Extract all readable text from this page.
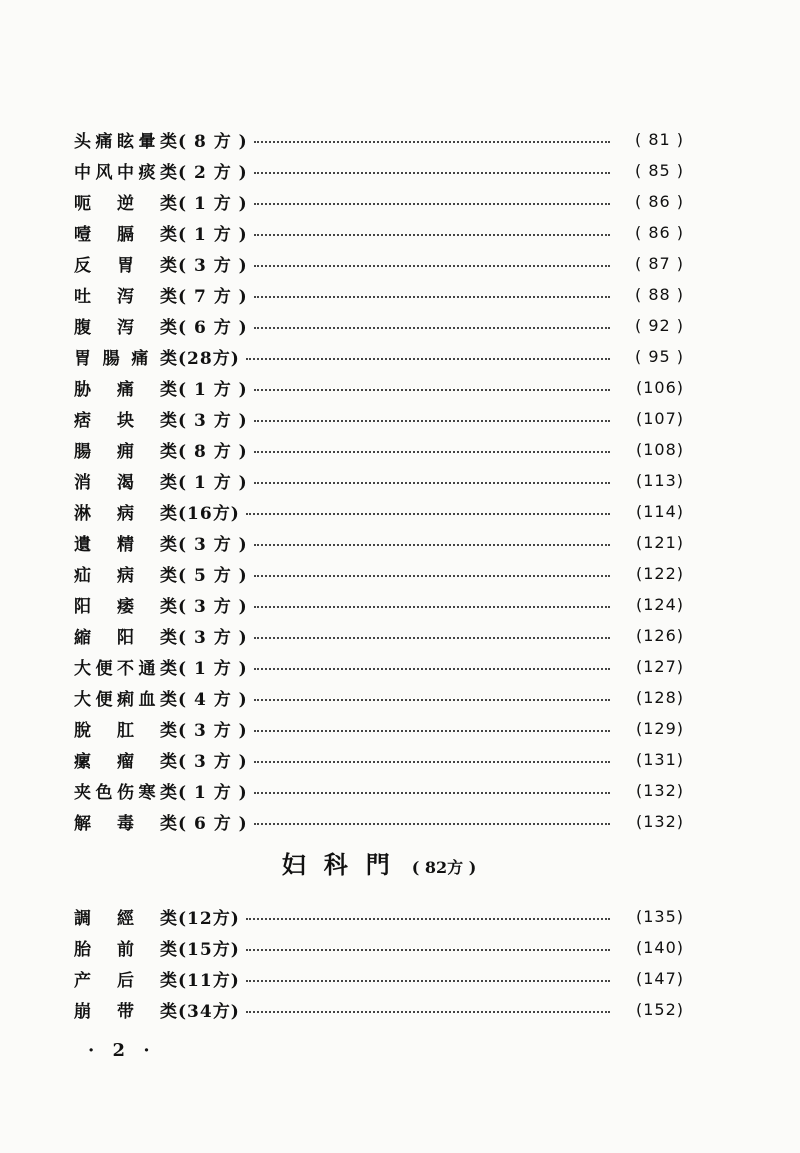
头 痛 眩 暈 类 ( 8 方 )	( 81 )
中 风 中 痰 类 ( 2 方 )	( 85 )
呃 逆 类 ( 1 方 )	( 86 )
噎 膈 类 ( 1 方 )	( 86 )
反 胃 类 ( 3 方 )	( 87 )
吐 泻 类 ( 7 方 )	( 88 )
腹 泻 类 ( 6 方 )	( 92 )
胃 腸 痛 类 (28方)	( 95 )
胁 痛 类 ( 1 方 )	(106)
痞 块 类 ( 3 方 )	(107)
腸 痈 类 ( 8 方 )	(108)
消 渴 类 ( 1 方 )	(113)
淋 病 类 (16方)	(114)
遺 精 类 ( 3 方 )	(121)
疝 病 类 ( 5 方 )	(122)
阳 痿 类 ( 3 方 )	(124)
縮 阳 类 ( 3 方 )	(126)
大 便 不 通 类 ( 1 方 )	(127)
大 便 痢 血 类 ( 4 方 )	(128)
脫 肛 类 ( 3 方 )	(129)
瘰 瘤 类 ( 3 方 )	(131)
夹 色 伤 寒 类 ( 1 方 )	(132)
解 毒 类 ( 6 方 )	(132)
妇科門 ( 82方 )
調 經 类 (12方)	(135)
胎 前 类 (15方)	(140)
产 后 类 (11方)	(147)
崩 带 类 (34方)	(152)
· 2 ·
